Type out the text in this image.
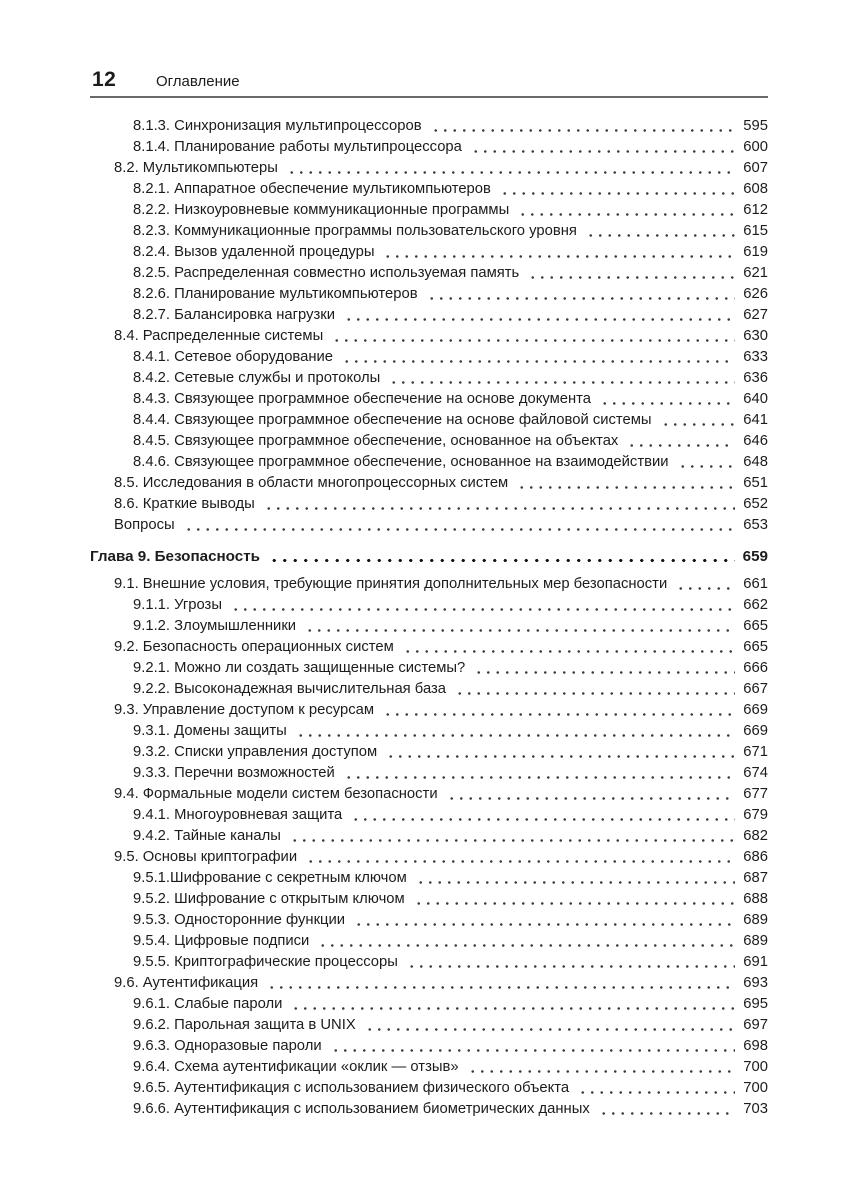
12	Оглавление
8.1.3. Синхронизация мультипроцессоров	595
8.1.4. Планирование работы мультипроцессора	600
8.2. Мультикомпьютеры	607
8.2.1. Аппаратное обеспечение мультикомпьютеров	608
8.2.2. Низкоуровневые коммуникационные программы	612
8.2.3. Коммуникационные программы пользовательского уровня	615
8.2.4. Вызов удаленной процедуры	619
8.2.5. Распределенная совместно используемая память	621
8.2.6. Планирование мультикомпьютеров	626
8.2.7. Балансировка нагрузки	627
8.4. Распределенные системы	630
8.4.1. Сетевое оборудование	633
8.4.2. Сетевые службы и протоколы	636
8.4.3. Связующее программное обеспечение на основе документа	640
8.4.4. Связующее программное обеспечение на основе файловой системы	641
8.4.5. Связующее программное обеспечение, основанное на объектах	646
8.4.6. Связующее программное обеспечение, основанное на взаимодействии	648
8.5. Исследования в области многопроцессорных систем	651
8.6. Краткие выводы	652
Вопросы	653
Глава 9. Безопасность	659
9.1. Внешние условия, требующие принятия дополнительных мер безопасности	661
9.1.1. Угрозы	662
9.1.2. Злоумышленники	665
9.2. Безопасность операционных систем	665
9.2.1. Можно ли создать защищенные системы?	666
9.2.2. Высоконадежная вычислительная база	667
9.3. Управление доступом к ресурсам	669
9.3.1. Домены защиты	669
9.3.2. Списки управления доступом	671
9.3.3. Перечни возможностей	674
9.4. Формальные модели систем безопасности	677
9.4.1. Многоуровневая защита	679
9.4.2. Тайные каналы	682
9.5. Основы криптографии	686
9.5.1.Шифрование с секретным ключом	687
9.5.2. Шифрование с открытым ключом	688
9.5.3. Односторонние функции	689
9.5.4. Цифровые подписи	689
9.5.5. Криптографические процессоры	691
9.6. Аутентификация	693
9.6.1. Слабые пароли	695
9.6.2. Парольная защита в UNIX	697
9.6.3. Одноразовые пароли	698
9.6.4. Схема аутентификации «оклик — отзыв»	700
9.6.5. Аутентификация с использованием физического объекта	700
9.6.6. Аутентификация с использованием биометрических данных	703
